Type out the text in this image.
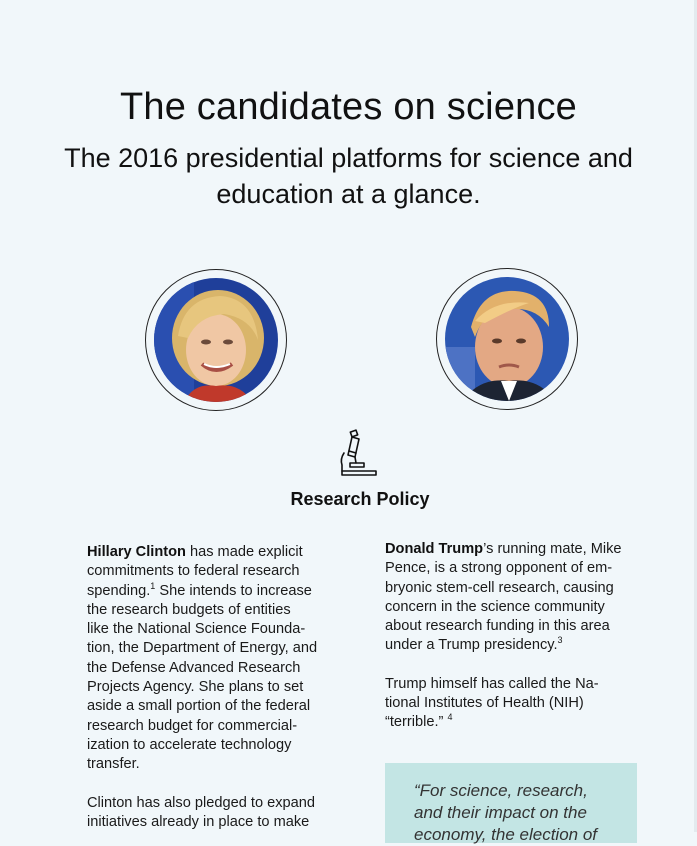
The candidates on science
The 2016 presidential platforms for science and education at a glance.
Research Policy

Hillary Clinton has made explicit
commitments to federal research
spending.$^1$ She intends to increase
the research budgets of entities
like the National Science Founda-
tion, the Department of Energy, and
the Defense Advanced Research
Projects Agency. She plans to set
aside a small portion of the federal
research budget for commercial-
ization to accelerate technology
transfer.

Clinton has also pledged to expand
initiatives already in place to make

Donald Trump’s running mate, Mike
Pence, is a strong opponent of em-
bryonic stem-cell research, causing
concern in the science community
about research funding in this area
under a Trump presidency.$^3$

Trump himself has called the Na-
tional Institutes of Health (NIH)
“terrible.” $^4$

“For science, research,
and their impact on the
economy, the election of
